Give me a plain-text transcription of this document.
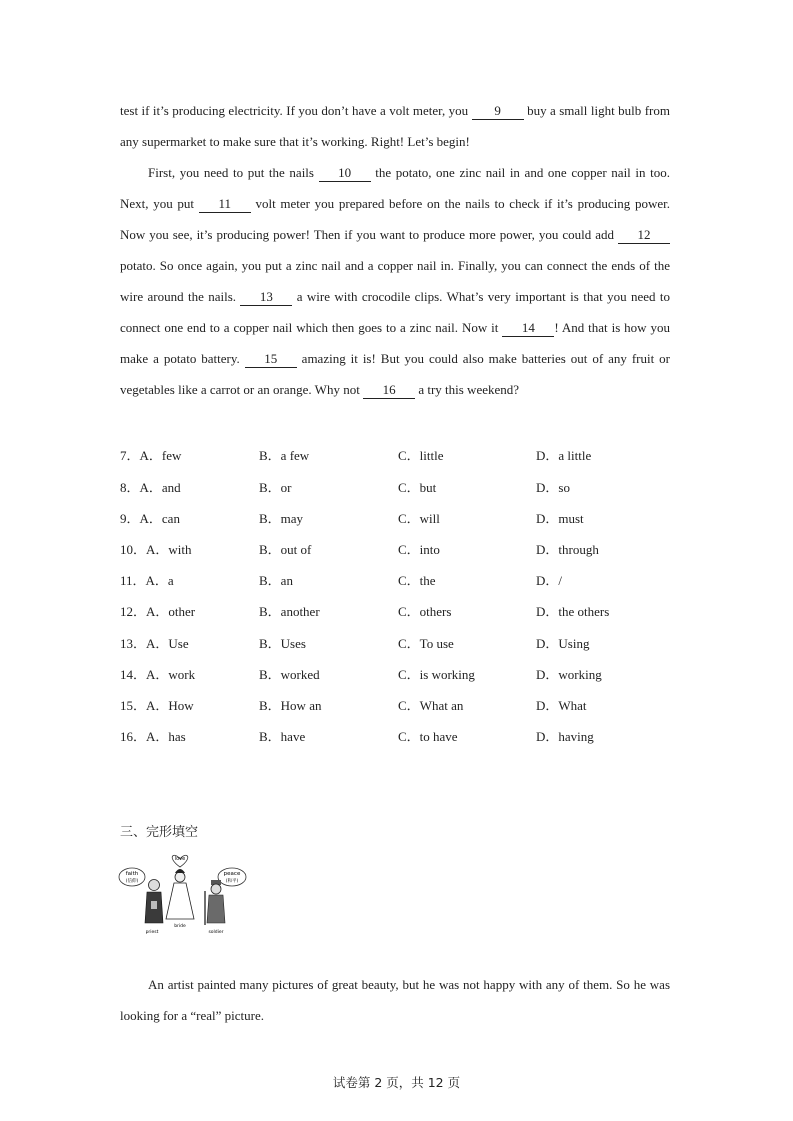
test if it’s producing electricity. If you don’t have a volt meter, you 9 buy a small light bulb from any supermarket to make sure that it’s working. Right! Let’s begin!

First, you need to put the nails 10 the potato, one zinc nail in and one copper nail in too. Next, you put 11 volt meter you prepared before on the nails to check if it’s producing power. Now you see, it’s producing power! Then if you want to produce more power, you could add 12 potato. So once again, you put a zinc nail and a copper nail in. Finally, you can connect the ends of the wire around the nails. 13 a wire with crocodile clips. What’s very important is that you need to connect one end to a copper nail which then goes to a zinc nail. Now it 14 ! And that is how you make a potato battery. 15 amazing it is! But you could also make batteries out of any fruit or vegetables like a carrot or an orange. Why not 16 a try this weekend?

7．A．few	B．a few	C．little	D．a little
8．A．and	B．or	C．but	D．so
9．A．can	B．may	C．will	D．must
10．A．with	B．out of	C．into	D．through
11．A．a	B．an	C．the	D．/
12．A．other	B．another	C．others	D．the others
13．A．Use	B．Uses	C．To use	D．Using
14．A．work	B．worked	C．is working	D．working
15．A．How	B．How an	C．What an	D．What
16．A．has	B．have	C．to have	D．having
三、完形填空
faith
(信仰)
priest
love
bride
peace
(和平)
soldier

An artist painted many pictures of great beauty, but he was not happy with any of them. So he was looking for a “real” picture.

试卷第 2 页，共 12 页
